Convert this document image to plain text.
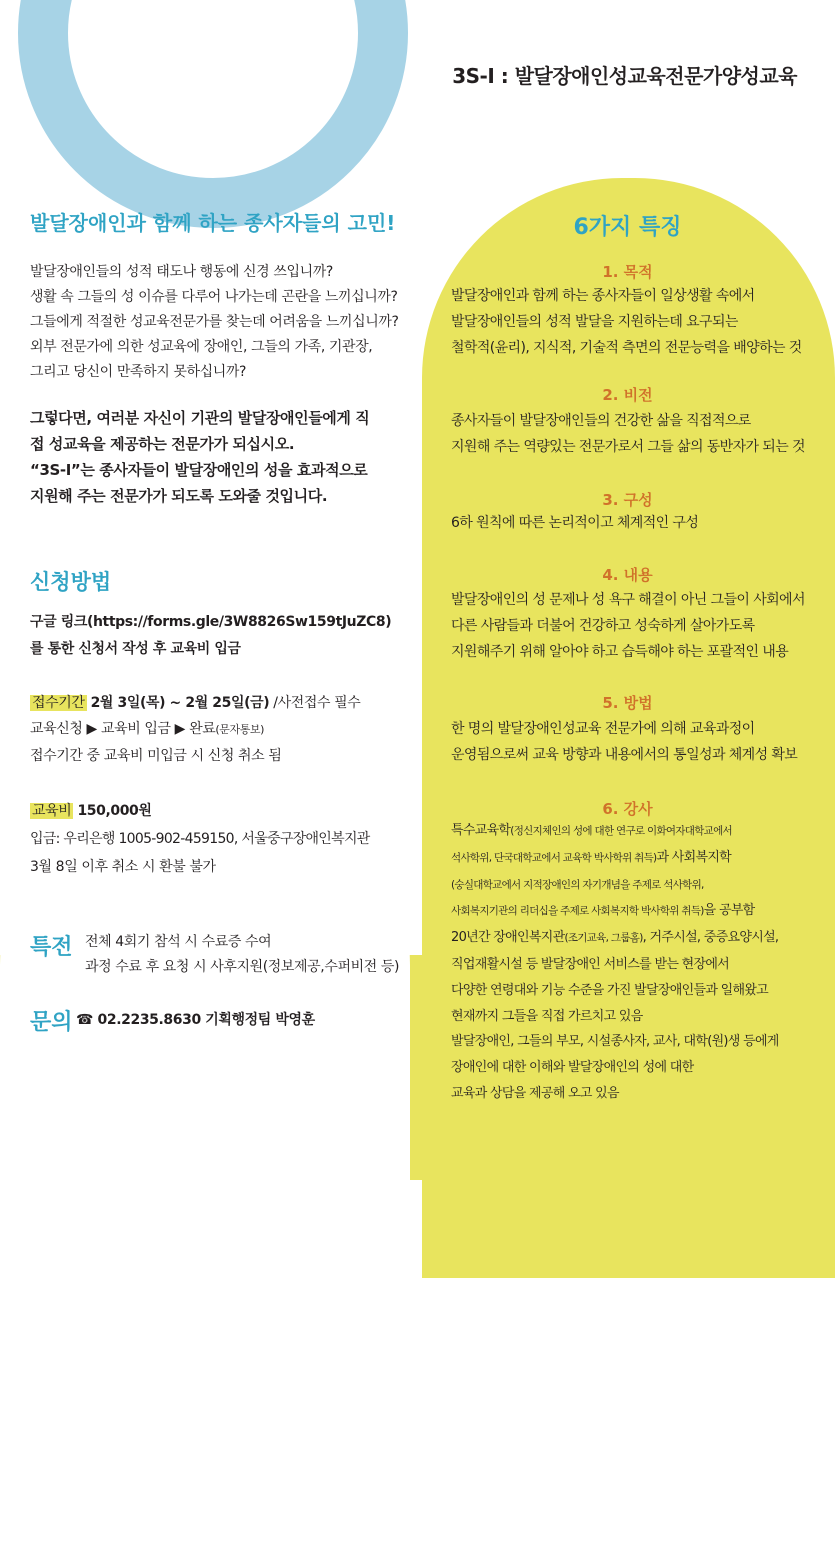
3S-I : 발달장애인성교육전문가양성교육
발달장애인과 함께 하는 종사자들의 고민!
발달장애인들의 성적 태도나 행동에 신경 쓰입니까?
생활 속 그들의 성 이슈를 다루어 나가는데 곤란을 느끼십니까?
그들에게 적절한 성교육전문가를 찾는데 어려움을 느끼십니까?
외부 전문가에 의한 성교육에 장애인, 그들의 가족, 기관장,
그리고 당신이 만족하지 못하십니까?
그렇다면, 여러분 자신이 기관의 발달장애인들에게 직
접 성교육을 제공하는 전문가가 되십시오.
“3S-I”는 종사자들이 발달장애인의 성을 효과적으로
지원해 주는 전문가가 되도록 도와줄 것입니다.
신청방법
구글 링크(https://forms.gle/3W8826Sw159tJuZC8)
를 통한 신청서 작성 후 교육비 입금
접수기간 2월 3일(목) ~ 2월 25일(금) /사전접수 필수
교육신청 ▶ 교육비 입금 ▶ 완료(문자통보)
접수기간 중 교육비 미입금 시 신청 취소 됨
교육비 150,000원
입금: 우리은행 1005-902-459150, 서울중구장애인복지관
3월 8일 이후 취소 시 환불 불가
특전 전체 4회기 참석 시 수료증 수여
과정 수료 후 요청 시 사후지원(정보제공,수퍼비전 등)
문의 ☎ 02.2235.8630 기획행정팀 박영훈
6가지 특징
1. 목적
발달장애인과 함께 하는 종사자들이 일상생활 속에서
발달장애인들의 성적 발달을 지원하는데 요구되는
철학적(윤리), 지식적, 기술적 측면의 전문능력을 배양하는 것
2. 비전
종사자들이 발달장애인들의 건강한 삶을 직접적으로
지원해 주는 역량있는 전문가로서 그들 삶의 동반자가 되는 것
3. 구성
6하 원칙에 따른 논리적이고 체계적인 구성
4. 내용
발달장애인의 성 문제나 성 욕구 해결이 아닌 그들이 사회에서
다른 사람들과 더불어 건강하고 성숙하게 살아가도록
지원해주기 위해 알아야 하고 습득해야 하는 포괄적인 내용
5. 방법
한 명의 발달장애인성교육 전문가에 의해 교육과정이
운영됨으로써 교육 방향과 내용에서의 통일성과 체계성 확보
6. 강사
특수교육학(정신지체인의 성에 대한 연구로 이화여자대학교에서
석사학위, 단국대학교에서 교육학 박사학위 취득)과 사회복지학
(숭실대학교에서 지적장애인의 자기개념을 주제로 석사학위,
사회복지기관의 리더십을 주제로 사회복지학 박사학위 취득)을 공부함
20년간 장애인복지관(조기교육, 그룹홈), 거주시설, 중증요양시설,
직업재활시설 등 발달장애인 서비스를 받는 현장에서
다양한 연령대와 기능 수준을 가진 발달장애인들과 일해왔고
현재까지 그들을 직접 가르치고 있음
발달장애인, 그들의 부모, 시설종사자, 교사, 대학(원)생 등에게
장애인에 대한 이해와 발달장애인의 성에 대한
교육과 상담을 제공해 오고 있음
